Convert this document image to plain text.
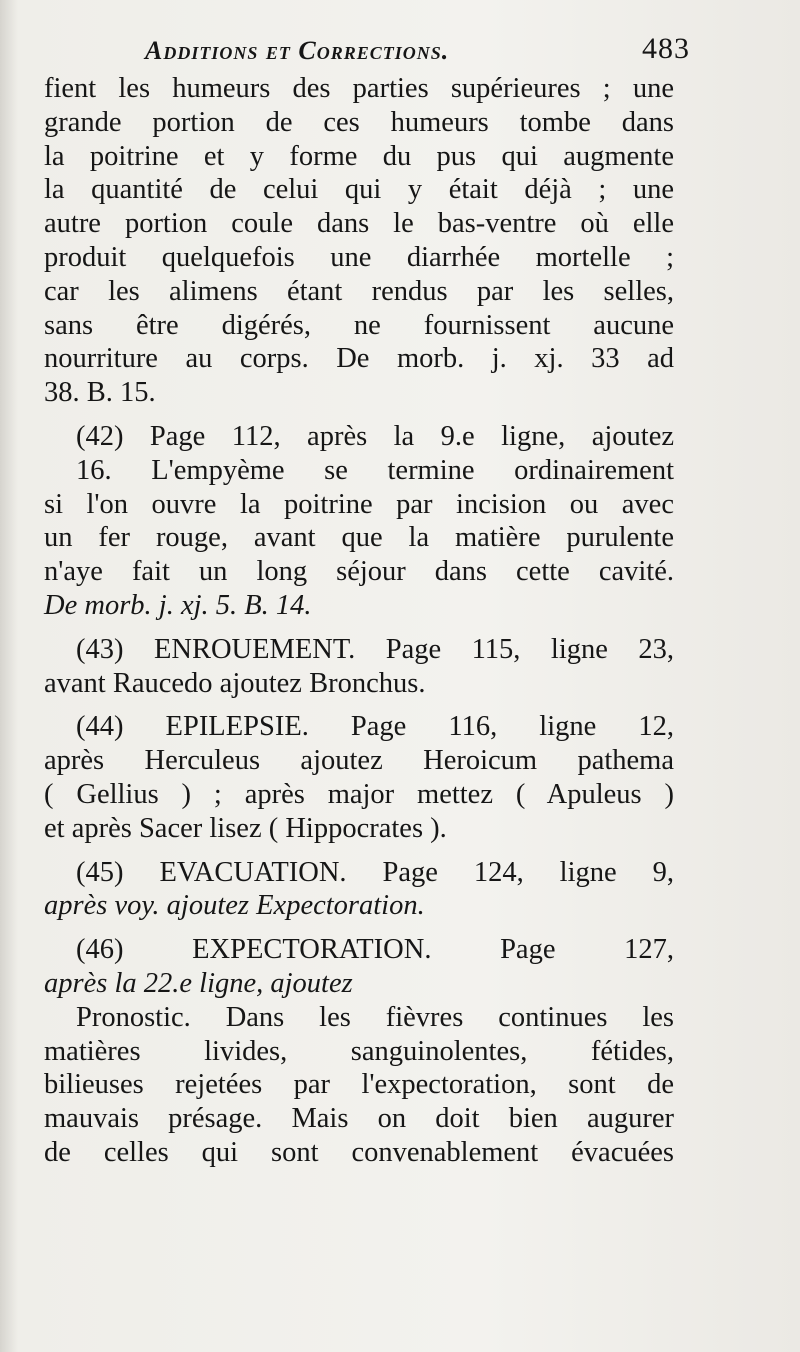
Additions et Corrections.	483
fient les humeurs des parties supérieures ; une
grande portion de ces humeurs tombe dans
la poitrine et y forme du pus qui augmente
la quantité de celui qui y était déjà ; une
autre portion coule dans le bas-ventre où elle
produit quelquefois une diarrhée mortelle ;
car les alimens étant rendus par les selles,
sans être digérés, ne fournissent aucune
nourriture au corps. De morb. j. xj. 33 ad
38. B. 15.
(42) Page 112, après la 9.e ligne, ajoutez
16. L'empyème se termine ordinairement
si l'on ouvre la poitrine par incision ou avec
un fer rouge, avant que la matière purulente
n'aye fait un long séjour dans cette cavité.
De morb. j. xj. 5. B. 14.
(43) ENROUEMENT. Page 115, ligne 23,
avant Raucedo ajoutez Bronchus.
(44) EPILEPSIE. Page 116, ligne 12,
après Herculeus ajoutez Heroicum pathema
( Gellius ) ; après major mettez ( Apuleus )
et après Sacer lisez ( Hippocrates ).
(45) EVACUATION. Page 124, ligne 9,
après voy. ajoutez Expectoration.
(46) EXPECTORATION. Page 127,
après la 22.e ligne, ajoutez
Pronostic. Dans les fièvres continues les
matières livides, sanguinolentes, fétides,
bilieuses rejetées par l'expectoration, sont de
mauvais présage. Mais on doit bien augurer
de celles qui sont convenablement évacuées
